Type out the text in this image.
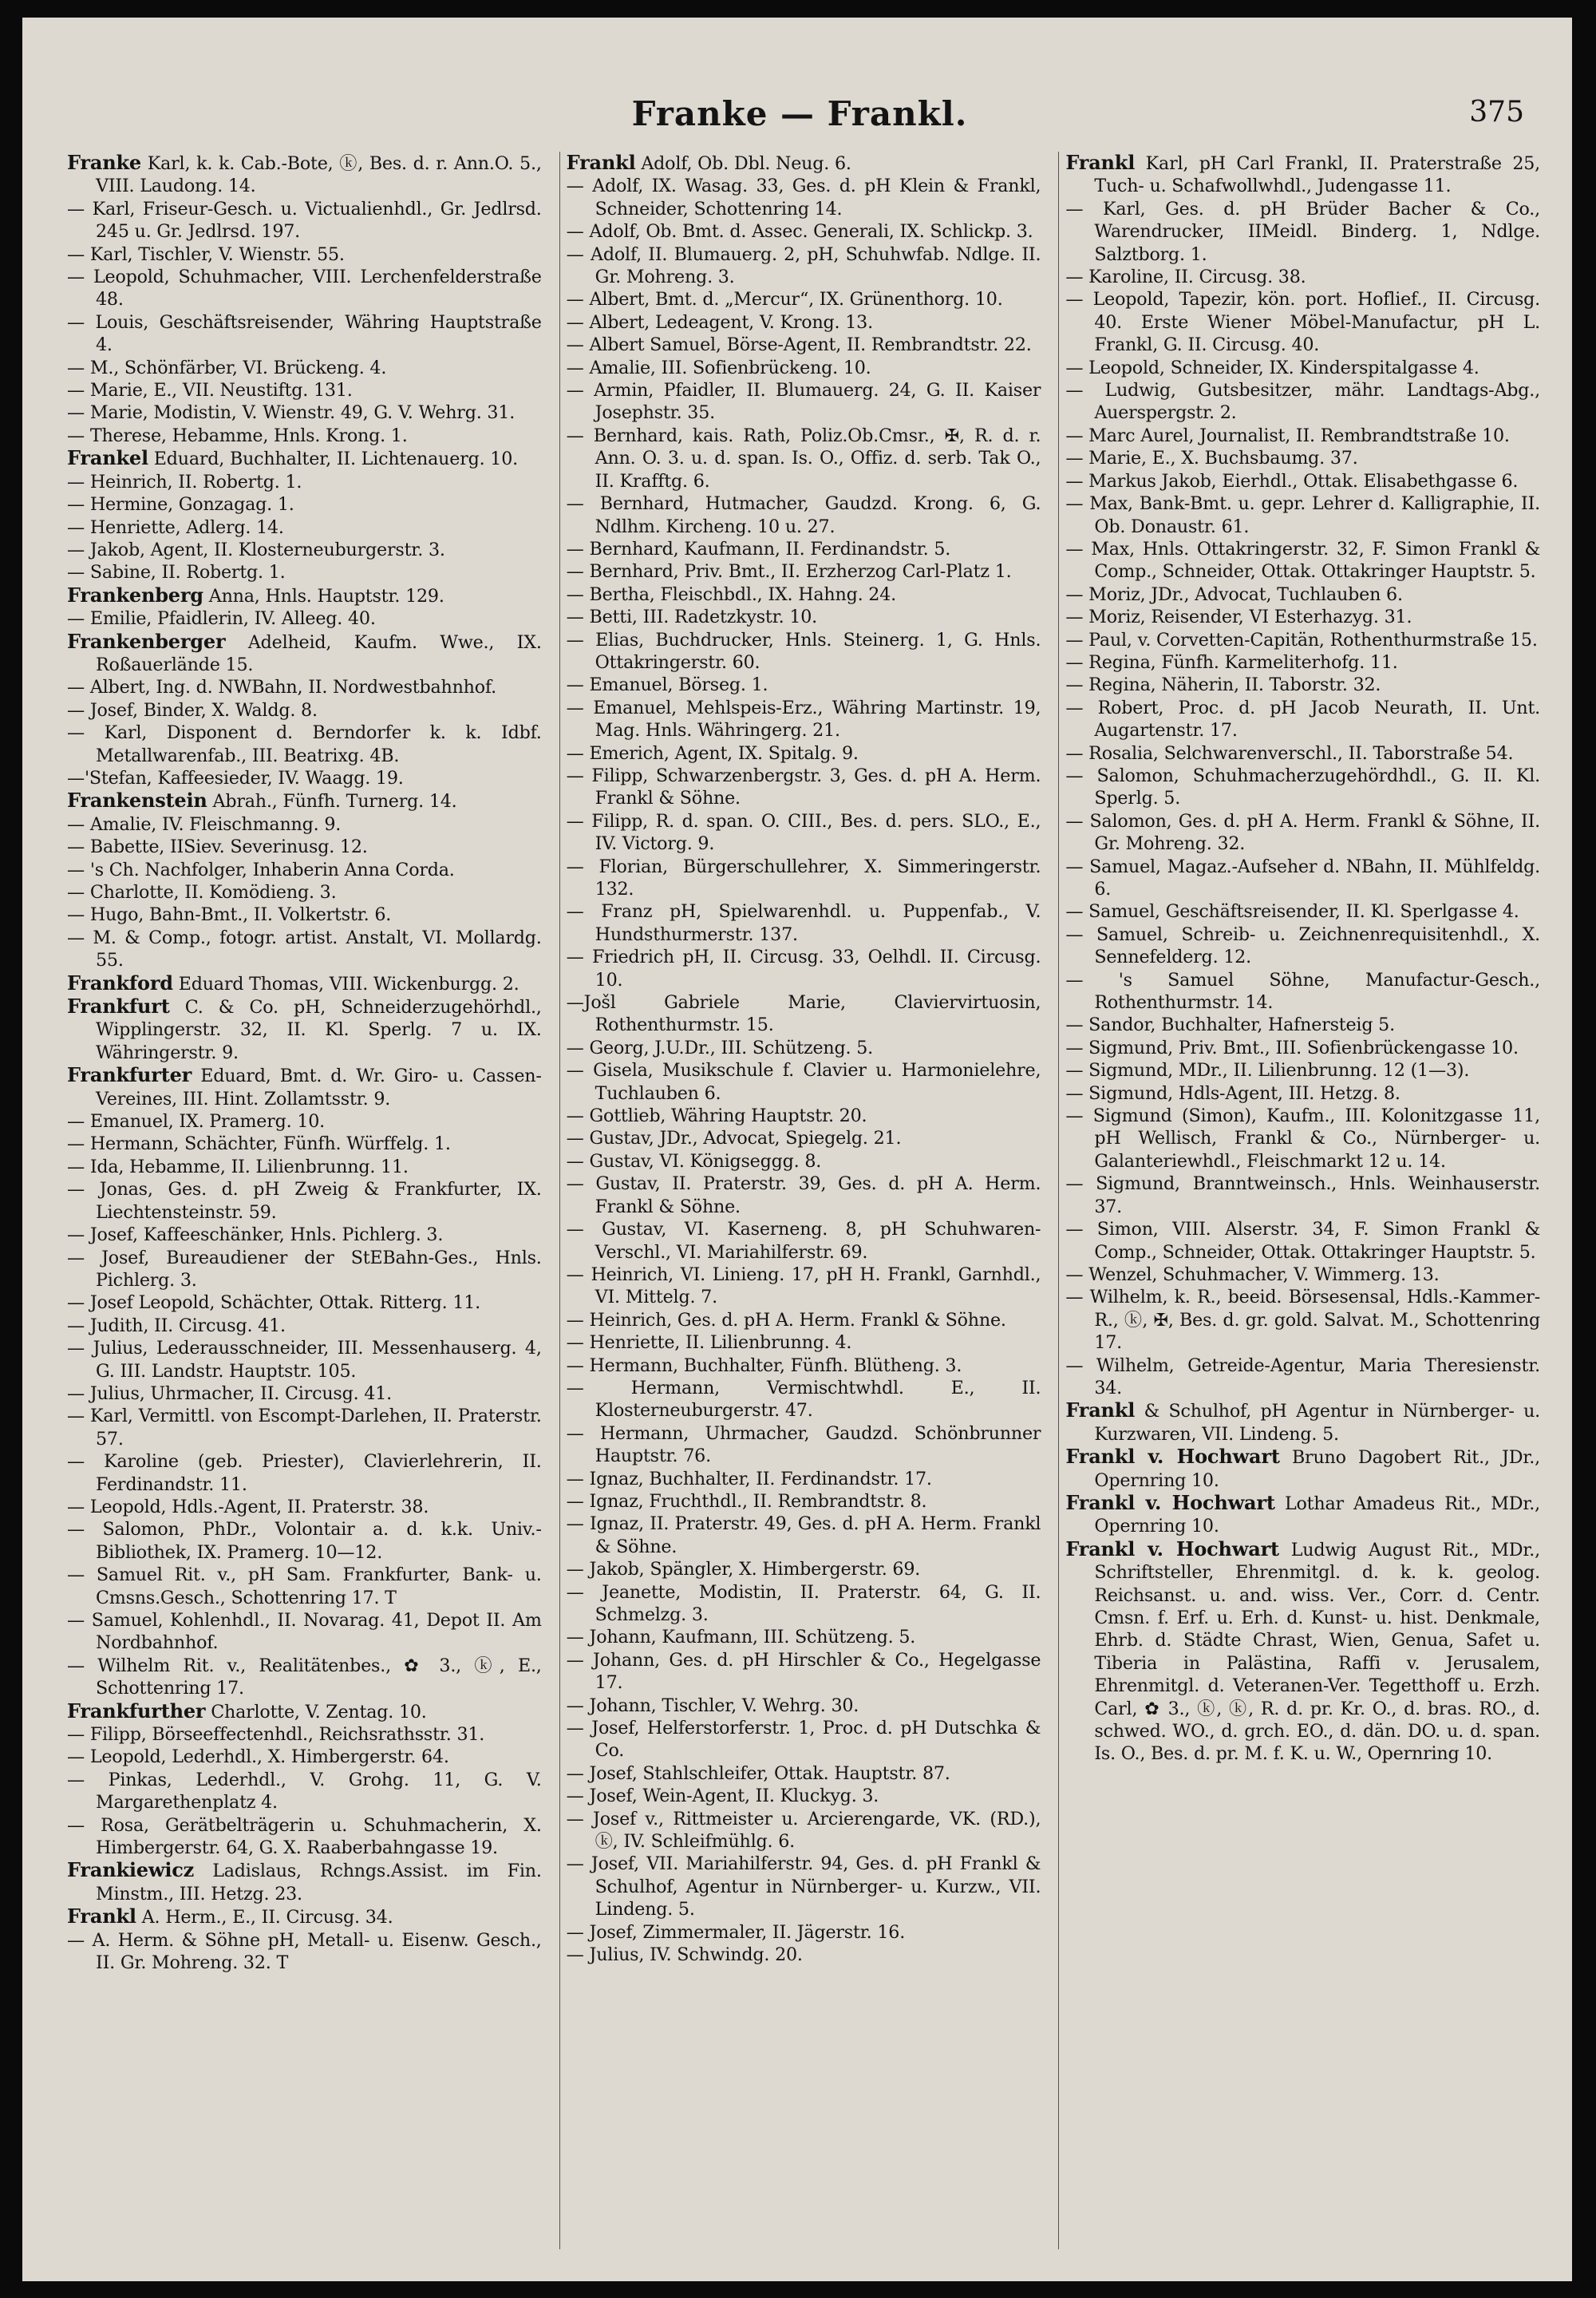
Franke — Frankl.	375

Franke Karl, k. k. Cab.-Bote, ⓚ, Bes. d. r. Ann.O. 5., VIII. Laudong. 14.

— Karl, Friseur-Gesch. u. Victualienhdl., Gr. Jedlrsd. 245 u. Gr. Jedlrsd. 197.

— Karl, Tischler, V. Wienstr. 55.

— Leopold, Schuhmacher, VIII. Lerchenfelderstraße 48.

— Louis, Geschäftsreisender, Währing Hauptstraße 4.

— M., Schönfärber, VI. Brückeng. 4.

— Marie, E., VII. Neustiftg. 131.

— Marie, Modistin, V. Wienstr. 49, G. V. Wehrg. 31.

— Therese, Hebamme, Hnls. Krong. 1.

Frankel Eduard, Buchhalter, II. Lichtenauerg. 10.

— Heinrich, II. Robertg. 1.

— Hermine, Gonzagag. 1.

— Henriette, Adlerg. 14.

— Jakob, Agent, II. Klosterneuburgerstr. 3.

— Sabine, II. Robertg. 1.

Frankenberg Anna, Hnls. Hauptstr. 129.

— Emilie, Pfaidlerin, IV. Alleeg. 40.

Frankenberger Adelheid, Kaufm. Wwe., IX. Roßauerlände 15.

— Albert, Ing. d. NWBahn, II. Nordwestbahnhof.

— Josef, Binder, X. Waldg. 8.

— Karl, Disponent d. Berndorfer k. k. Idbf. Metallwarenfab., III. Beatrixg. 4B.

—'Stefan, Kaffeesieder, IV. Waagg. 19.

Frankenstein Abrah., Fünfh. Turnerg. 14.

— Amalie, IV. Fleischmanng. 9.

— Babette, IISiev. Severinusg. 12.

— 's Ch. Nachfolger, Inhaberin Anna Corda.

— Charlotte, II. Komödieng. 3.

— Hugo, Bahn-Bmt., II. Volkertstr. 6.

— M. & Comp., fotogr. artist. Anstalt, VI. Mollardg. 55.

Frankford Eduard Thomas, VIII. Wickenburgg. 2.

Frankfurt C. & Co. pH, Schneiderzugehörhdl., Wipplingerstr. 32, II. Kl. Sperlg. 7 u. IX. Währingerstr. 9.

Frankfurter Eduard, Bmt. d. Wr. Giro- u. Cassen-Vereines, III. Hint. Zollamtsstr. 9.

— Emanuel, IX. Pramerg. 10.

— Hermann, Schächter, Fünfh. Würffelg. 1.

— Ida, Hebamme, II. Lilienbrunng. 11.

— Jonas, Ges. d. pH Zweig & Frankfurter, IX. Liechtensteinstr. 59.

— Josef, Kaffeeschänker, Hnls. Pichlerg. 3.

— Josef, Bureaudiener der StEBahn-Ges., Hnls. Pichlerg. 3.

— Josef Leopold, Schächter, Ottak. Ritterg. 11.

— Judith, II. Circusg. 41.

— Julius, Lederausschneider, III. Messenhauserg. 4, G. III. Landstr. Hauptstr. 105.

— Julius, Uhrmacher, II. Circusg. 41.

— Karl, Vermittl. von Escompt-Darlehen, II. Praterstr. 57.

— Karoline (geb. Priester), Clavierlehrerin, II. Ferdinandstr. 11.

— Leopold, Hdls.-Agent, II. Praterstr. 38.

— Salomon, PhDr., Volontair a. d. k.k. Univ.-Bibliothek, IX. Pramerg. 10—12.

— Samuel Rit. v., pH Sam. Frankfurter, Bank- u. Cmsns.Gesch., Schottenring 17. T

— Samuel, Kohlenhdl., II. Novarag. 41, Depot II. Am Nordbahnhof.

— Wilhelm Rit. v., Realitätenbes., ✿ 3., ⓚ, E., Schottenring 17.

Frankfurther Charlotte, V. Zentag. 10.

— Filipp, Börseeffectenhdl., Reichsrathsstr. 31.

— Leopold, Lederhdl., X. Himbergerstr. 64.

— Pinkas, Lederhdl., V. Grohg. 11, G. V. Margarethenplatz 4.

— Rosa, Gerätbelträgerin u. Schuhmacherin, X. Himbergerstr. 64, G. X. Raaberbahngasse 19.

Frankiewicz Ladislaus, Rchngs.Assist. im Fin. Minstm., III. Hetzg. 23.

Frankl A. Herm., E., II. Circusg. 34.

— A. Herm. & Söhne pH, Metall- u. Eisenw. Gesch., II. Gr. Mohreng. 32. T

Frankl Adolf, Ob. Dbl. Neug. 6.

— Adolf, IX. Wasag. 33, Ges. d. pH Klein & Frankl, Schneider, Schottenring 14.

— Adolf, Ob. Bmt. d. Assec. Generali, IX. Schlickp. 3.

— Adolf, II. Blumauerg. 2, pH, Schuhwfab. Ndlge. II. Gr. Mohreng. 3.

— Albert, Bmt. d. „Mercur“, IX. Grünenthorg. 10.

— Albert, Ledeagent, V. Krong. 13.

— Albert Samuel, Börse-Agent, II. Rembrandtstr. 22.

— Amalie, III. Sofienbrückeng. 10.

— Armin, Pfaidler, II. Blumauerg. 24, G. II. Kaiser Josephstr. 35.

— Bernhard, kais. Rath, Poliz.Ob.Cmsr., ✠, R. d. r. Ann. O. 3. u. d. span. Is. O., Offiz. d. serb. Tak O., II. Krafftg. 6.

— Bernhard, Hutmacher, Gaudzd. Krong. 6, G. Ndlhm. Kircheng. 10 u. 27.

— Bernhard, Kaufmann, II. Ferdinandstr. 5.

— Bernhard, Priv. Bmt., II. Erzherzog Carl-Platz 1.

— Bertha, Fleischbdl., IX. Hahng. 24.

— Betti, III. Radetzkystr. 10.

— Elias, Buchdrucker, Hnls. Steinerg. 1, G. Hnls. Ottakringerstr. 60.

— Emanuel, Börseg. 1.

— Emanuel, Mehlspeis-Erz., Währing Martinstr. 19, Mag. Hnls. Währingerg. 21.

— Emerich, Agent, IX. Spitalg. 9.

— Filipp, Schwarzenbergstr. 3, Ges. d. pH A. Herm. Frankl & Söhne.

— Filipp, R. d. span. O. CIII., Bes. d. pers. SLO., E., IV. Victorg. 9.

— Florian, Bürgerschullehrer, X. Simmeringerstr. 132.

— Franz pH, Spielwarenhdl. u. Puppenfab., V. Hundsthurmerstr. 137.

— Friedrich pH, II. Circusg. 33, Oelhdl. II. Circusg. 10.

—Jošl Gabriele Marie, Claviervirtuosin, Rothenthurmstr. 15.

— Georg, J.U.Dr., III. Schützeng. 5.

— Gisela, Musikschule f. Clavier u. Harmonielehre, Tuchlauben 6.

— Gottlieb, Währing Hauptstr. 20.

— Gustav, JDr., Advocat, Spiegelg. 21.

— Gustav, VI. Königseggg. 8.

— Gustav, II. Praterstr. 39, Ges. d. pH A. Herm. Frankl & Söhne.

— Gustav, VI. Kaserneng. 8, pH Schuhwaren-Verschl., VI. Mariahilferstr. 69.

— Heinrich, VI. Linieng. 17, pH H. Frankl, Garnhdl., VI. Mittelg. 7.

— Heinrich, Ges. d. pH A. Herm. Frankl & Söhne.

— Henriette, II. Lilienbrunng. 4.

— Hermann, Buchhalter, Fünfh. Blütheng. 3.

— Hermann, Vermischtwhdl. E., II. Klosterneuburgerstr. 47.

— Hermann, Uhrmacher, Gaudzd. Schönbrunner Hauptstr. 76.

— Ignaz, Buchhalter, II. Ferdinandstr. 17.

— Ignaz, Fruchthdl., II. Rembrandtstr. 8.

— Ignaz, II. Praterstr. 49, Ges. d. pH A. Herm. Frankl & Söhne.

— Jakob, Spängler, X. Himbergerstr. 69.

— Jeanette, Modistin, II. Praterstr. 64, G. II. Schmelzg. 3.

— Johann, Kaufmann, III. Schützeng. 5.

— Johann, Ges. d. pH Hirschler & Co., Hegelgasse 17.

— Johann, Tischler, V. Wehrg. 30.

— Josef, Helferstorferstr. 1, Proc. d. pH Dutschka & Co.

— Josef, Stahlschleifer, Ottak. Hauptstr. 87.

— Josef, Wein-Agent, II. Kluckyg. 3.

— Josef v., Rittmeister u. Arcierengarde, VK. (RD.), ⓚ, IV. Schleifmühlg. 6.

— Josef, VII. Mariahilferstr. 94, Ges. d. pH Frankl & Schulhof, Agentur in Nürnberger- u. Kurzw., VII. Lindeng. 5.

— Josef, Zimmermaler, II. Jägerstr. 16.

— Julius, IV. Schwindg. 20.

Frankl Karl, pH Carl Frankl, II. Praterstraße 25, Tuch- u. Schafwollwhdl., Judengasse 11.

— Karl, Ges. d. pH Brüder Bacher & Co., Warendrucker, IIMeidl. Binderg. 1, Ndlge. Salztborg. 1.

— Karoline, II. Circusg. 38.

— Leopold, Tapezir, kön. port. Hoflief., II. Circusg. 40. Erste Wiener Möbel-Manufactur, pH L. Frankl, G. II. Circusg. 40.

— Leopold, Schneider, IX. Kinderspitalgasse 4.

— Ludwig, Gutsbesitzer, mähr. Landtags-Abg., Auerspergstr. 2.

— Marc Aurel, Journalist, II. Rembrandtstraße 10.

— Marie, E., X. Buchsbaumg. 37.

— Markus Jakob, Eierhdl., Ottak. Elisabethgasse 6.

— Max, Bank-Bmt. u. gepr. Lehrer d. Kalligraphie, II. Ob. Donaustr. 61.

— Max, Hnls. Ottakringerstr. 32, F. Simon Frankl & Comp., Schneider, Ottak. Ottakringer Hauptstr. 5.

— Moriz, JDr., Advocat, Tuchlauben 6.

— Moriz, Reisender, VI Esterhazyg. 31.

— Paul, v. Corvetten-Capitän, Rothenthurmstraße 15.

— Regina, Fünfh. Karmeliterhofg. 11.

— Regina, Näherin, II. Taborstr. 32.

— Robert, Proc. d. pH Jacob Neurath, II. Unt. Augartenstr. 17.

— Rosalia, Selchwarenverschl., II. Taborstraße 54.

— Salomon, Schuhmacherzugehördhdl., G. II. Kl. Sperlg. 5.

— Salomon, Ges. d. pH A. Herm. Frankl & Söhne, II. Gr. Mohreng. 32.

— Samuel, Magaz.-Aufseher d. NBahn, II. Mühlfeldg. 6.

— Samuel, Geschäftsreisender, II. Kl. Sperlgasse 4.

— Samuel, Schreib- u. Zeichnenrequisitenhdl., X. Sennefelderg. 12.

— 's Samuel Söhne, Manufactur-Gesch., Rothenthurmstr. 14.

— Sandor, Buchhalter, Hafnersteig 5.

— Sigmund, Priv. Bmt., III. Sofienbrückengasse 10.

— Sigmund, MDr., II. Lilienbrunng. 12 (1—3).

— Sigmund, Hdls-Agent, III. Hetzg. 8.

— Sigmund (Simon), Kaufm., III. Kolonitzgasse 11, pH Wellisch, Frankl & Co., Nürnberger- u. Galanteriewhdl., Fleischmarkt 12 u. 14.

— Sigmund, Branntweinsch., Hnls. Weinhauserstr. 37.

— Simon, VIII. Alserstr. 34, F. Simon Frankl & Comp., Schneider, Ottak. Ottakringer Hauptstr. 5.

— Wenzel, Schuhmacher, V. Wimmerg. 13.

— Wilhelm, k. R., beeid. Börsesensal, Hdls.-Kammer-R., ⓚ, ✠, Bes. d. gr. gold. Salvat. M., Schottenring 17.

— Wilhelm, Getreide-Agentur, Maria Theresienstr. 34.

Frankl & Schulhof, pH Agentur in Nürnberger- u. Kurzwaren, VII. Lindeng. 5.

Frankl v. Hochwart Bruno Dagobert Rit., JDr., Opernring 10.

Frankl v. Hochwart Lothar Amadeus Rit., MDr., Opernring 10.

Frankl v. Hochwart Ludwig August Rit., MDr., Schriftsteller, Ehrenmitgl. d. k. k. geolog. Reichsanst. u. and. wiss. Ver., Corr. d. Centr. Cmsn. f. Erf. u. Erh. d. Kunst- u. hist. Denkmale, Ehrb. d. Städte Chrast, Wien, Genua, Safet u. Tiberia in Palästina, Raffi v. Jerusalem, Ehrenmitgl. d. Veteranen-Ver. Tegetthoff u. Erzh. Carl, ✿ 3., ⓚ, ⓚ, R. d. pr. Kr. O., d. bras. RO., d. schwed. WO., d. grch. EO., d. dän. DO. u. d. span. Is. O., Bes. d. pr. M. f. K. u. W., Opernring 10.
